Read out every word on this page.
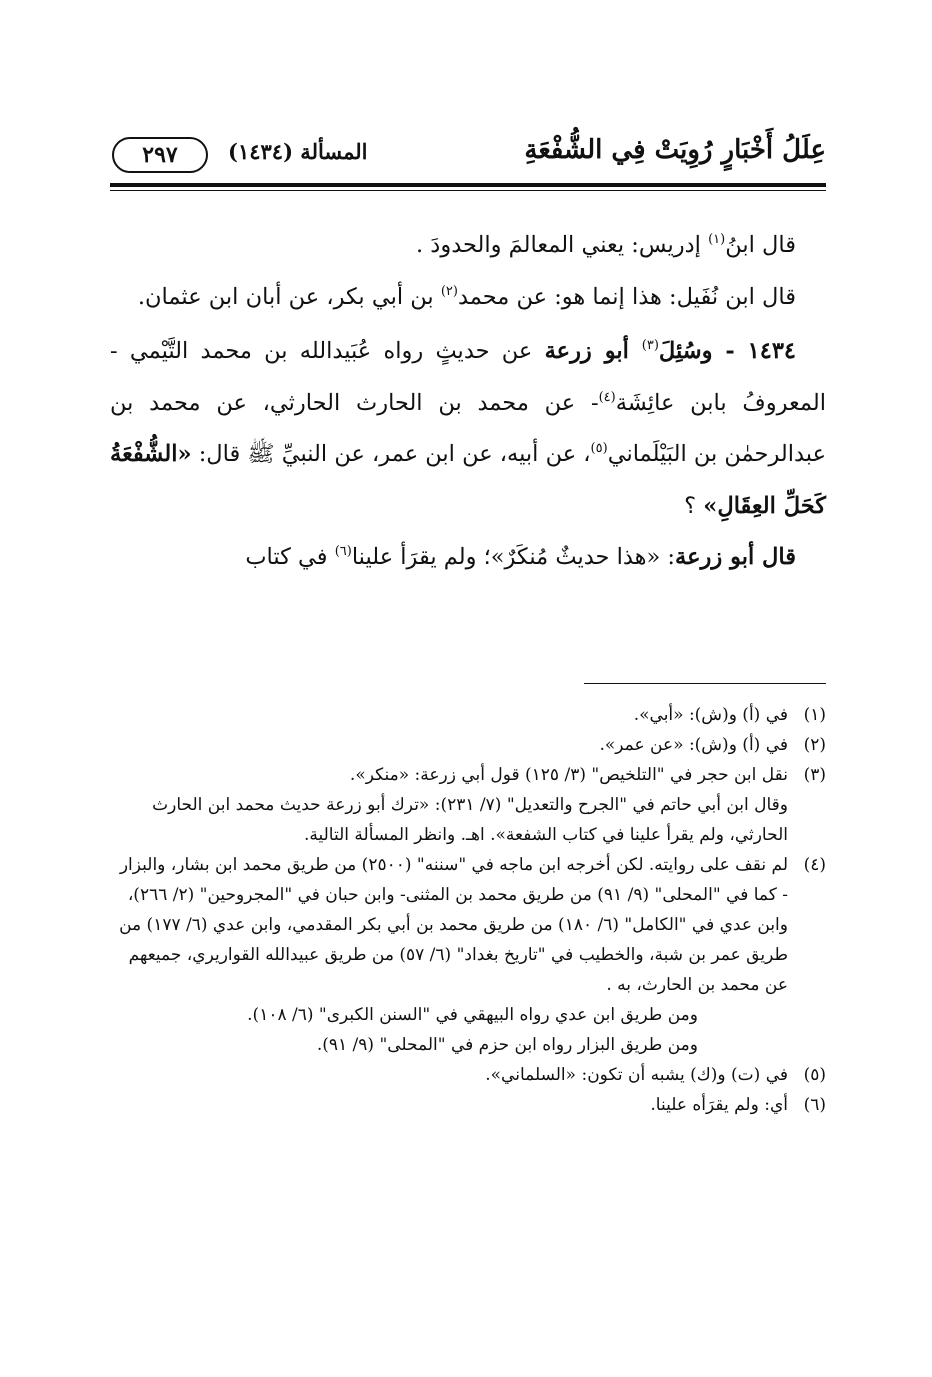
عِلَلُ أَخْبَارٍ رُوِيَتْ فِي الشُّفْعَةِ
المسألة (١٤٣٤)
٢٩٧

قال ابنُ$^{(١)}$ إدريس: يعني المعالمَ والحدودَ .

قال ابن نُفَيل: هذا إنما هو: عن محمد$^{(٢)}$ بن أبي بكر، عن أبان ابن عثمان.

١٤٣٤ - وسُئِلَ$^{(٣)}$ أبو زرعة عن حديثٍ رواه عُبَيدالله بن محمد التَّيْمي - المعروفُ بابن عائِشَة$^{(٤)}$- عن محمد بن الحارث الحارثي، عن محمد بن عبدالرحمٰن بن البَيْلَماني$^{(٥)}$، عن أبيه، عن ابن عمر، عن النبيِّ ﷺ قال: «الشُّفْعَةُ كَحَلِّ العِقَالِ» ؟

قال أبو زرعة: «هذا حديثٌ مُنكَرٌ»؛ ولم يقرَأ علينا$^{(٦)}$ في كتاب

(١)
في (أ) و(ش): «أبي».
(٢)
في (أ) و(ش): «عن عمر».
(٣)
نقل ابن حجر في "التلخيص" (٣/ ١٢٥) قول أبي زرعة: «منكر».
وقال ابن أبي حاتم في "الجرح والتعديل" (٧/ ٢٣١): «ترك أبو زرعة حديث محمد ابن الحارث الحارثي، ولم يقرأ علينا في كتاب الشفعة». اهـ. وانظر المسألة التالية.
(٤)
لم نقف على روايته. لكن أخرجه ابن ماجه في "سننه" (٢٥٠٠) من طريق محمد ابن بشار، والبزار - كما في "المحلى" (٩/ ٩١) من طريق محمد بن المثنى- وابن حبان في "المجروحين" (٢/ ٢٦٦)، وابن عدي في "الكامل" (٦/ ١٨٠) من طريق محمد بن أبي بكر المقدمي، وابن عدي (٦/ ١٧٧) من طريق عمر بن شبة، والخطيب في "تاريخ بغداد" (٦/ ٥٧) من طريق عبيدالله القواريري، جميعهم عن محمد بن الحارث، به .
ومن طريق ابن عدي رواه البيهقي في "السنن الكبرى" (٦/ ١٠٨).
ومن طريق البزار رواه ابن حزم في "المحلى" (٩/ ٩١).
(٥)
في (ت) و(ك) يشبه أن تكون: «السلماني».
(٦)
أي: ولم يقرَأه علينا.
